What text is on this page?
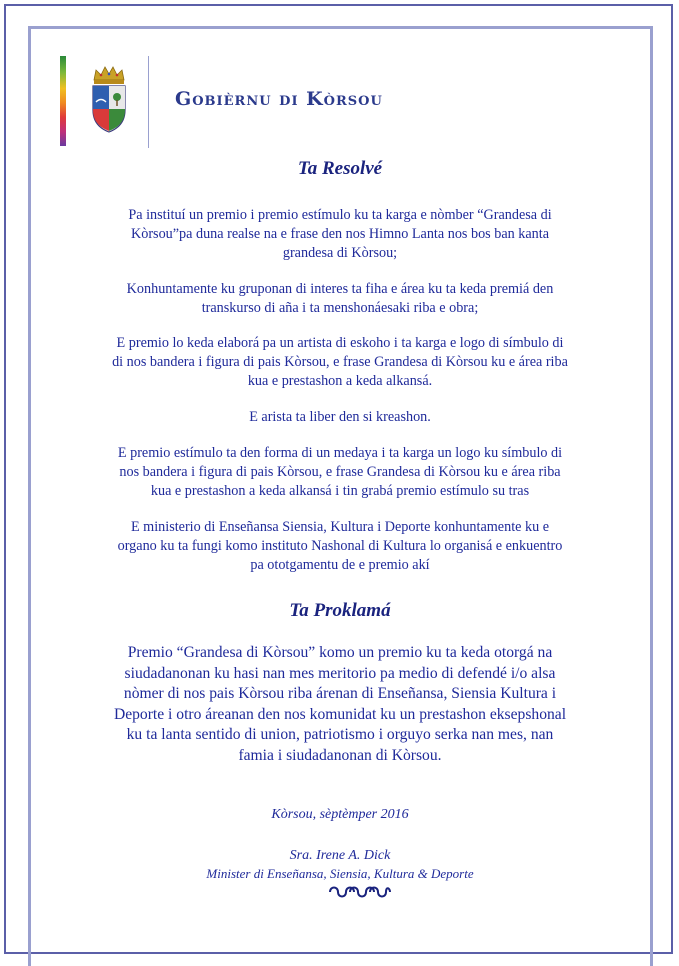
Gobièrnu di Kòrsou
Ta Resolvé

Pa instituí un premio i premio estímulo ku ta karga e nòmber “Grandesa di

Kòrsou”pa duna realse na e frase den nos Himno Lanta nos bos ban kanta

grandesa di Kòrsou;

Konhuntamente ku gruponan di interes ta fiha e área ku ta keda premiá den

transkurso di aña i ta menshonáesaki riba e obra;

E premio lo keda elaborá pa un artista di eskoho i ta karga e logo di símbulo di

di nos bandera i figura di pais Kòrsou, e frase Grandesa di Kòrsou ku e área riba

kua e prestashon a keda alkansá.

E arista ta liber den si kreashon.

E premio estímulo ta den forma di un medaya i ta karga un logo ku símbulo di

nos bandera i figura di pais Kòrsou, e frase Grandesa di Kòrsou ku e área riba

kua e prestashon a keda alkansá i tin grabá premio estímulo su tras

E ministerio di Enseñansa Siensia, Kultura i Deporte konhuntamente ku e

organo ku ta fungi komo instituto Nashonal di Kultura lo organisá e enkuentro

pa ototgamentu de e premio akí

Ta Proklamá

Premio “Grandesa di Kòrsou” komo un premio ku ta keda otorgá na

siudadanonan ku hasi nan mes meritorio pa medio di defendé i/o alsa

nòmer di nos pais Kòrsou riba árenan di Enseñansa, Siensia Kultura i

Deporte i otro áreanan den nos komunidat ku un prestashon eksepshonal

ku ta lanta sentido di union, patriotismo i orguyo serka nan mes, nan

famia i siudadanonan di Kòrsou.

Kòrsou, sèptèmper 2016

Sra. Irene A. Dick

Minister di Enseñansa, Siensia, Kultura & Deporte
